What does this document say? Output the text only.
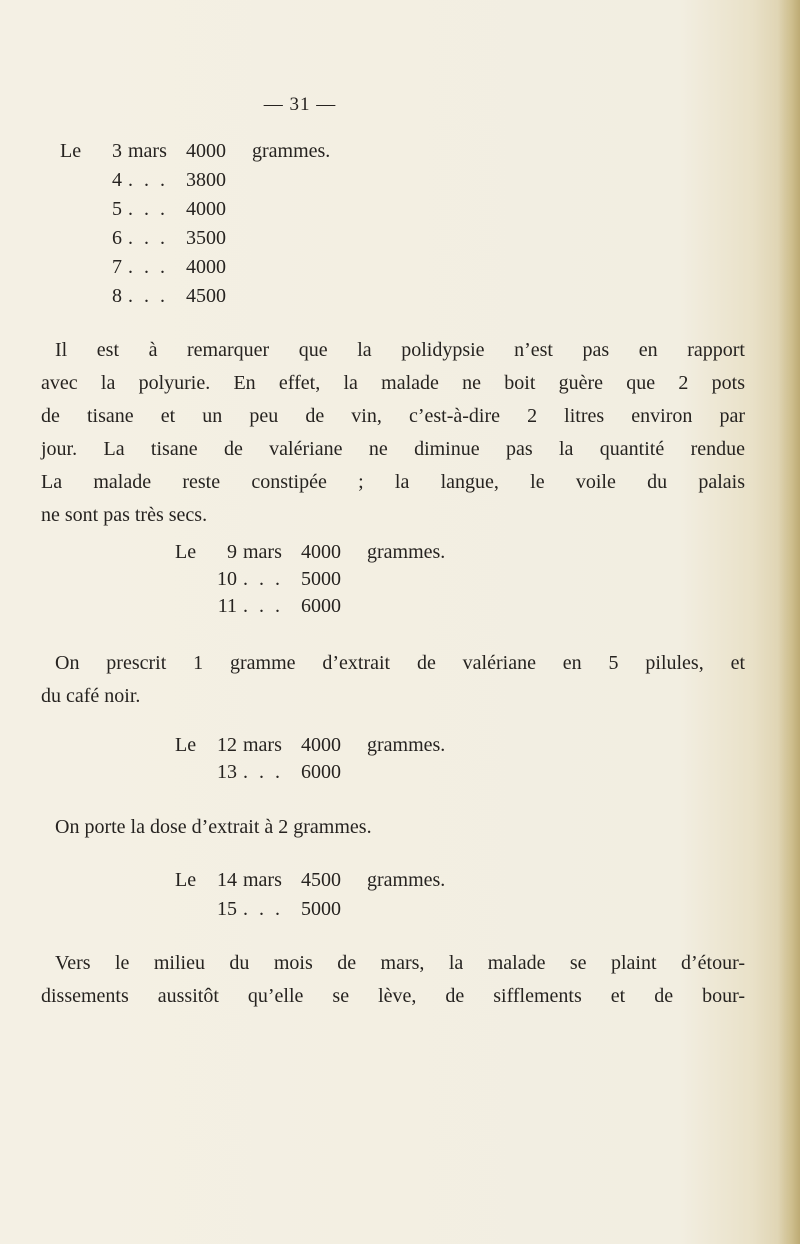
— 31 —
Le 3 mars 4000 grammes.
4 . . . 3800
5 . . . 4000
6 . . . 3500
7 . . . 4000
8 . . . 4500
Il est à remarquer que la polidypsie n’est pas en rapport
avec la polyurie. En effet, la malade ne boit guère que 2 pots
de tisane et un peu de vin, c’est-à-dire 2 litres environ par
jour. La tisane de valériane ne diminue pas la quantité rendue
La malade reste constipée ; la langue, le voile du palais
ne sont pas très secs.
Le 9 mars 4000 grammes.
10 . . . 5000
11 . . . 6000
On prescrit 1 gramme d’extrait de valériane en 5 pilules, et
du café noir.
Le 12 mars 4000 grammes.
13 . . . 6000
On porte la dose d’extrait à 2 grammes.
Le 14 mars 4500 grammes.
15 . . . 5000
Vers le milieu du mois de mars, la malade se plaint d’étour-
dissements aussitôt qu’elle se lève, de sifflements et de bour-
